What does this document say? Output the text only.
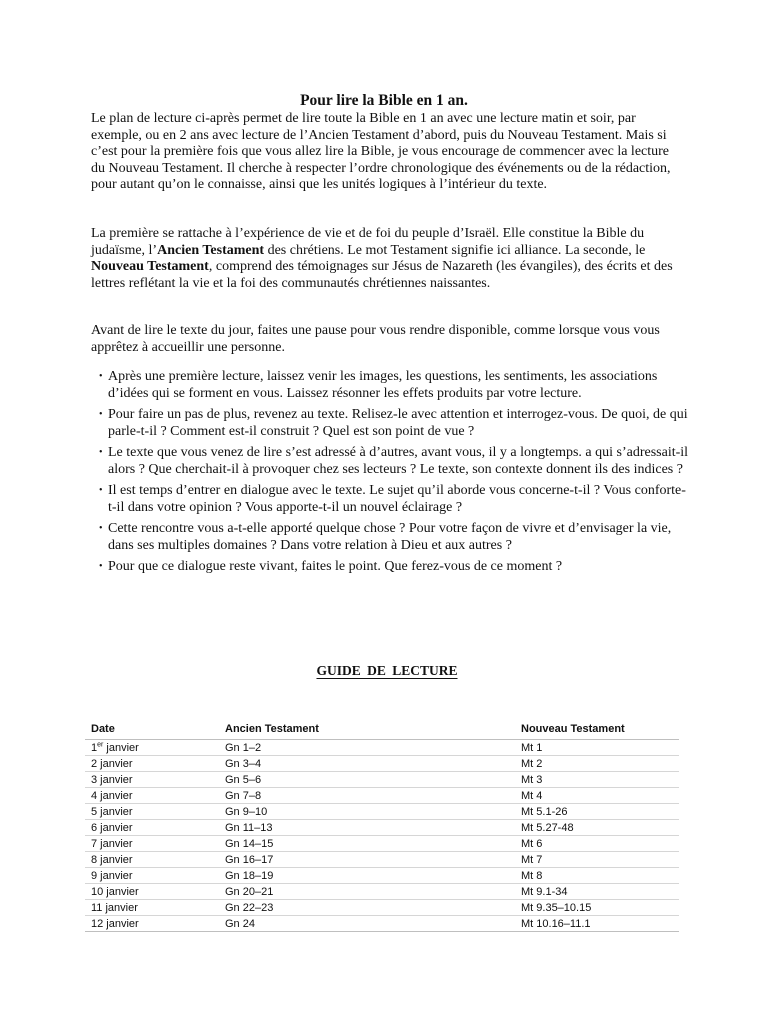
Pour lire la Bible en 1 an.

Le plan de lecture ci-après permet de lire toute la Bible en 1 an avec une lecture matin et soir, par exemple, ou en 2 ans avec lecture de l’Ancien Testament d’abord, puis du Nouveau Testament. Mais si c’est pour la première fois que vous allez lire la Bible, je vous encourage de commencer avec la lecture du Nouveau Testament. Il cherche à respecter l’ordre chronologique des événements ou de la rédaction, pour autant qu’on le connaisse, ainsi que les unités logiques à l’intérieur du texte.

La première se rattache à l’expérience de vie et de foi du peuple d’Israël. Elle constitue la Bible du judaïsme, l’Ancien Testament des chrétiens. Le mot Testament signifie ici alliance. La seconde, le Nouveau Testament, comprend des témoignages sur Jésus de Nazareth (les évangiles), des écrits et des lettres reflétant la vie et la foi des communautés chrétiennes naissantes.

Avant de lire le texte du jour, faites une pause pour vous rendre disponible, comme lorsque vous vous apprêtez à accueillir une personne.

• Après une première lecture, laissez venir les images, les questions, les sentiments, les associations d’idées qui se forment en vous. Laissez résonner les effets produits par votre lecture.
• Pour faire un pas de plus, revenez au texte. Relisez-le avec attention et interrogez-vous. De quoi, de qui parle-t-il ? Comment est-il construit ? Quel est son point de vue ?
• Le texte que vous venez de lire s’est adressé à d’autres, avant vous, il y a longtemps. a qui s’adressait-il alors ? Que cherchait-il à provoquer chez ses lecteurs ? Le texte, son contexte donnent ils des indices ?
• Il est temps d’entrer en dialogue avec le texte. Le sujet qu’il aborde vous concerne-t-il ? Vous conforte-t-il dans votre opinion ? Vous apporte-t-il un nouvel éclairage ?
• Cette rencontre vous a-t-elle apporté quelque chose ? Pour votre façon de vivre et d’envisager la vie, dans ses multiples domaines ? Dans votre relation à Dieu et aux autres ?
• Pour que ce dialogue reste vivant, faites le point. Que ferez-vous de ce moment ?
GUIDE DE LECTURE
Date	Ancien Testament	Nouveau Testament
1er janvier	Gn 1–2	Mt 1
2 janvier	Gn 3–4	Mt 2
3 janvier	Gn 5–6	Mt 3
4 janvier	Gn 7–8	Mt 4
5 janvier	Gn 9–10	Mt 5.1-26
6 janvier	Gn 11–13	Mt 5.27-48
7 janvier	Gn 14–15	Mt 6
8 janvier	Gn 16–17	Mt 7
9 janvier	Gn 18–19	Mt 8
10 janvier	Gn 20–21	Mt 9.1-34
11 janvier	Gn 22–23	Mt 9.35–10.15
12 janvier	Gn 24	Mt 10.16–11.1
